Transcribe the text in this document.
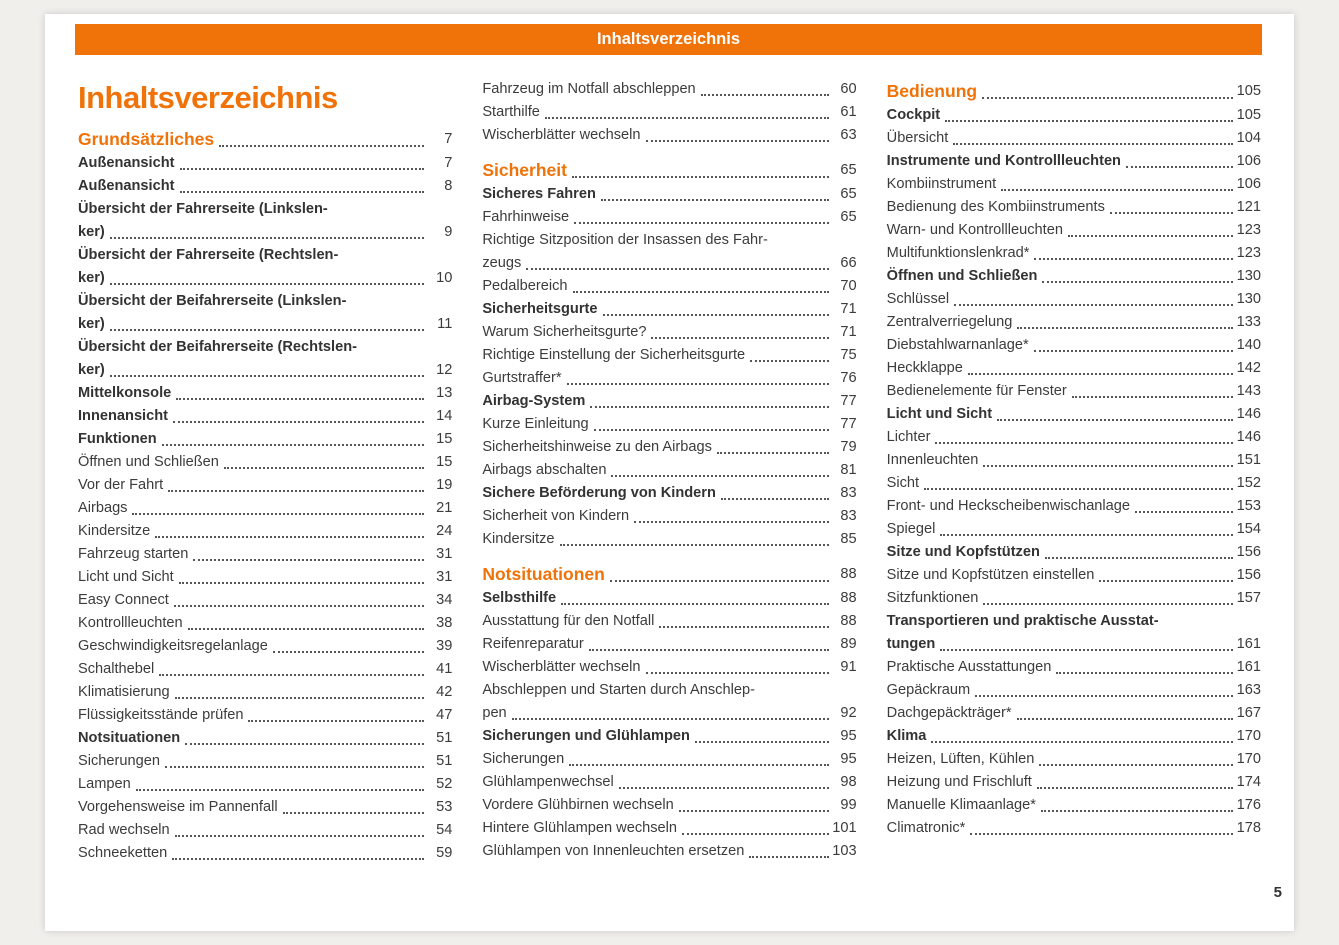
Inhaltsverzeichnis
Inhaltsverzeichnis
Grundsätzliches	7
Außenansicht	7
Außenansicht	8
Übersicht der Fahrerseite (Linkslen-
ker)	9
Übersicht der Fahrerseite (Rechtslen-
ker)	10
Übersicht der Beifahrerseite (Linkslen-
ker)	11
Übersicht der Beifahrerseite (Rechtslen-
ker)	12
Mittelkonsole	13
Innenansicht	14
Funktionen	15
Öffnen und Schließen	15
Vor der Fahrt	19
Airbags	21
Kindersitze	24
Fahrzeug starten	31
Licht und Sicht	31
Easy Connect	34
Kontrollleuchten	38
Geschwindigkeitsregelanlage	39
Schalthebel	41
Klimatisierung	42
Flüssigkeitsstände prüfen	47
Notsituationen	51
Sicherungen	51
Lampen	52
Vorgehensweise im Pannenfall	53
Rad wechseln	54
Schneeketten	59
Fahrzeug im Notfall abschleppen	60
Starthilfe	61
Wischerblätter wechseln	63
Sicherheit	65
Sicheres Fahren	65
Fahrhinweise	65
Richtige Sitzposition der Insassen des Fahr-
zeugs	66
Pedalbereich	70
Sicherheitsgurte	71
Warum Sicherheitsgurte?	71
Richtige Einstellung der Sicherheitsgurte	75
Gurtstraffer*	76
Airbag-System	77
Kurze Einleitung	77
Sicherheitshinweise zu den Airbags	79
Airbags abschalten	81
Sichere Beförderung von Kindern	83
Sicherheit von Kindern	83
Kindersitze	85
Notsituationen	88
Selbsthilfe	88
Ausstattung für den Notfall	88
Reifenreparatur	89
Wischerblätter wechseln	91
Abschleppen und Starten durch Anschlep-
pen	92
Sicherungen und Glühlampen	95
Sicherungen	95
Glühlampenwechsel	98
Vordere Glühbirnen wechseln	99
Hintere Glühlampen wechseln	101
Glühlampen von Innenleuchten ersetzen	103
Bedienung	105
Cockpit	105
Übersicht	104
Instrumente und Kontrollleuchten	106
Kombiinstrument	106
Bedienung des Kombiinstruments	121
Warn- und Kontrollleuchten	123
Multifunktionslenkrad*	123
Öffnen und Schließen	130
Schlüssel	130
Zentralverriegelung	133
Diebstahlwarnanlage*	140
Heckklappe	142
Bedienelemente für Fenster	143
Licht und Sicht	146
Lichter	146
Innenleuchten	151
Sicht	152
Front- und Heckscheibenwischanlage	153
Spiegel	154
Sitze und Kopfstützen	156
Sitze und Kopfstützen einstellen	156
Sitzfunktionen	157
Transportieren und praktische Ausstat-
tungen	161
Praktische Ausstattungen	161
Gepäckraum	163
Dachgepäckträger*	167
Klima	170
Heizen, Lüften, Kühlen	170
Heizung und Frischluft	174
Manuelle Klimaanlage*	176
Climatronic*	178
5
